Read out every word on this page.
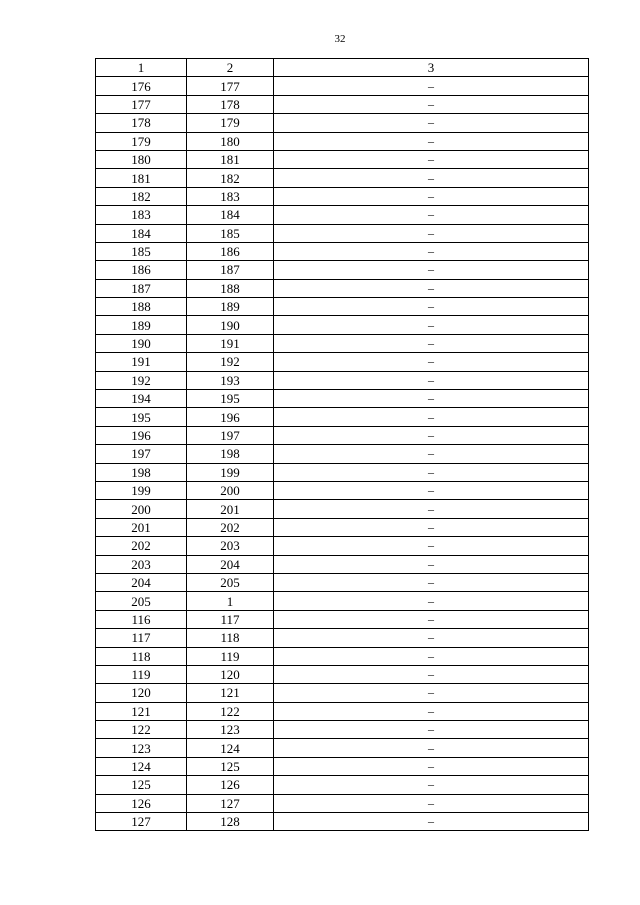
32
1	2	3
176	177	–
177	178	–
178	179	–
179	180	–
180	181	–
181	182	–
182	183	–
183	184	–
184	185	–
185	186	–
186	187	–
187	188	–
188	189	–
189	190	–
190	191	–
191	192	–
192	193	–
194	195	–
195	196	–
196	197	–
197	198	–
198	199	–
199	200	–
200	201	–
201	202	–
202	203	–
203	204	–
204	205	–
205	1	–
116	117	–
117	118	–
118	119	–
119	120	–
120	121	–
121	122	–
122	123	–
123	124	–
124	125	–
125	126	–
126	127	–
127	128	–
